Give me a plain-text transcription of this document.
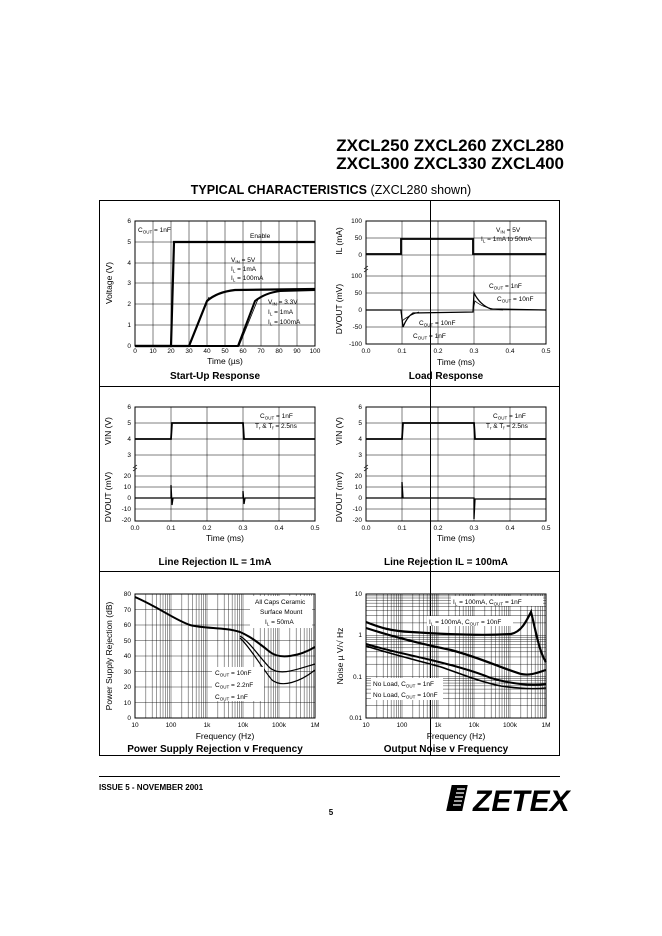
ZXCL250 ZXCL260 ZXCL280
ZXCL300 ZXCL330 ZXCL400
TYPICAL CHARACTERISTICS (ZXCL280 shown)
0 10 20 30 40 50 60 70 80 90 100
0
1
2
3
4
5
6
$C_{OUT} = 1nF$
Enable
$V_{IN} = 5V$
$I_L = 1mA$
$I_L = 100mA$
$V_{IN} = 3.3V$
$I_L = 1mA$
$I_L = 100mA$
Time (µs)
Voltage (V)
Start-Up Response
0.0	0.1	0.2	0.3	0.4	0.5
100
50
0
100
50
0
-50
-100
$V_{IN} = 5V$
$I_L = 1mA$ to 50mA
$C_{OUT} = 1nF$
$C_{OUT} = 10nF$
$C_{OUT} = 10nF$
$C_{OUT} = 1nF$
Time (ms)
IL (mA)
DVOUT (mV)
Load Response
0.0	0.1	0.2	0.3	0.4	0.5
6
5
4
3
20
10
0
-10
-20
$C_{OUT} = 1nF$
$T_r$ & $T_f = 2.5ns$
Time (ms)
VIN (V)
DVOUT (mV)
Line Rejection IL = 1mA
0.0	0.1	0.2	0.3	0.4	0.5
6
5
4
3
20
10
0
-10
-20
$C_{OUT} = 1nF$
$T_r$ & $T_f = 2.5ns$
Time (ms)
VIN (V)
DVOUT (mV)
Line Rejection IL = 100mA
10	100	1k	10k	100k	1M
0
10
20
30
40
50
60
70
80
All Caps Ceramic
Surface Mount
$I_L = 50mA$
$C_{OUT} = 10nF$
$C_{OUT} = 2.2nF$
$C_{OUT} = 1nF$
Frequency (Hz)
Power Supply Rejection (dB)
Power Supply Rejection v Frequency
10	100	1k	10k	100k	1M
0.01
0.1
1
10
$I_L = 100mA$, $C_{OUT} = 1nF$
$I_L = 100mA$, $C_{OUT} = 10nF$
No Load, $C_{OUT} = 1nF$
No Load, $C_{OUT} = 10nF$
Frequency (Hz)
Noise µ V/√ Hz
Output Noise v Frequency
ISSUE 5 - NOVEMBER 2001	ZETEX
5
